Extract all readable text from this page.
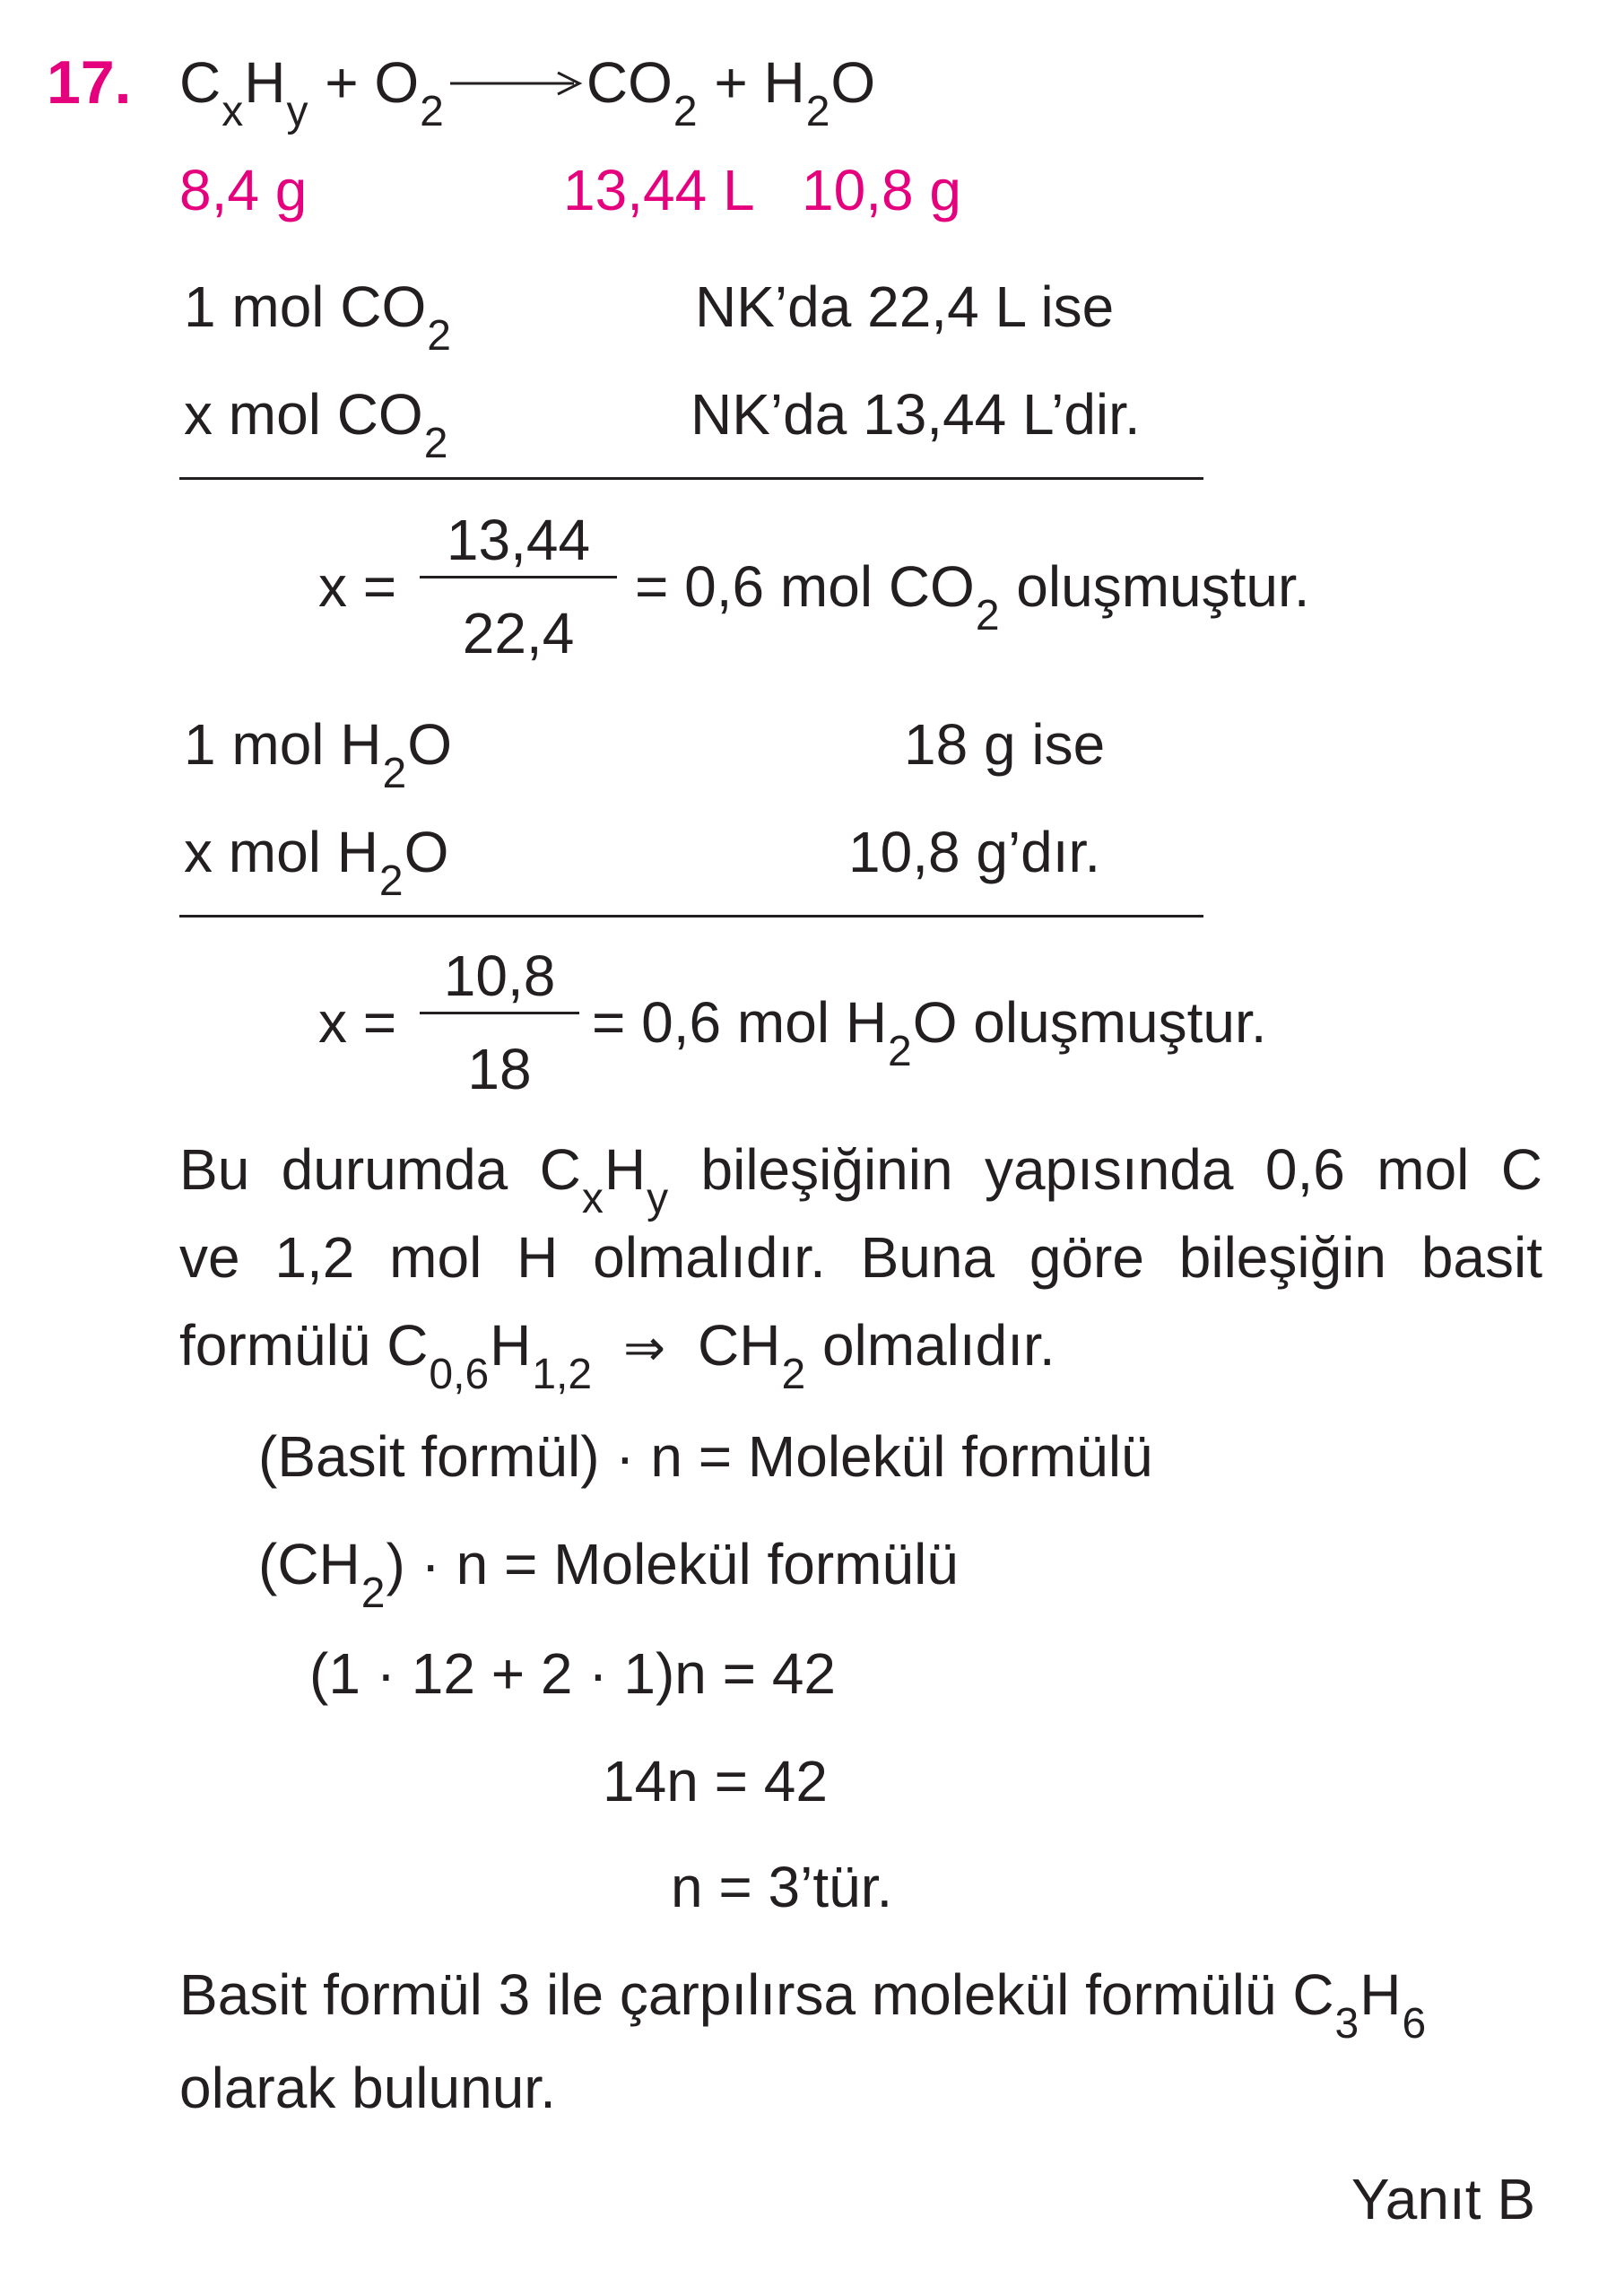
17. $C_xH_y + O_2 \to CO_2 + H_2O$
8,4 g	13,44 L 10,8 g
1 mol $CO_2$	NK’da 22,4 L ise
x mol $CO_2$	NK’da 13,44 L’dir.
x =
13,44
22,4
= 0,6 mol $CO_2$ oluşmuştur.
1 mol $H_2O$	18 g ise
x mol $H_2O$	10,8 g’dır.
x =
10,8
18
= 0,6 mol $H_2O$ oluşmuştur.
Bu durumda $C_xH_y$ bileşiğinin yapısında 0,6 mol C
ve 1,2 mol H olmalıdır. Buna göre bileşiğin basit
formülü $C_{0,6}H_{1,2}$ ⇒ $CH_2$ olmalıdır.
(Basit formül) · n = Molekül formülü
$(CH_2) \cdot n$ = Molekül formülü
(1 · 12 + 2 · 1)n = 42
14n = 42
n = 3’tür.
Basit formül 3 ile çarpılırsa molekül formülü $C_3H_6$
olarak bulunur.
Yanıt B
